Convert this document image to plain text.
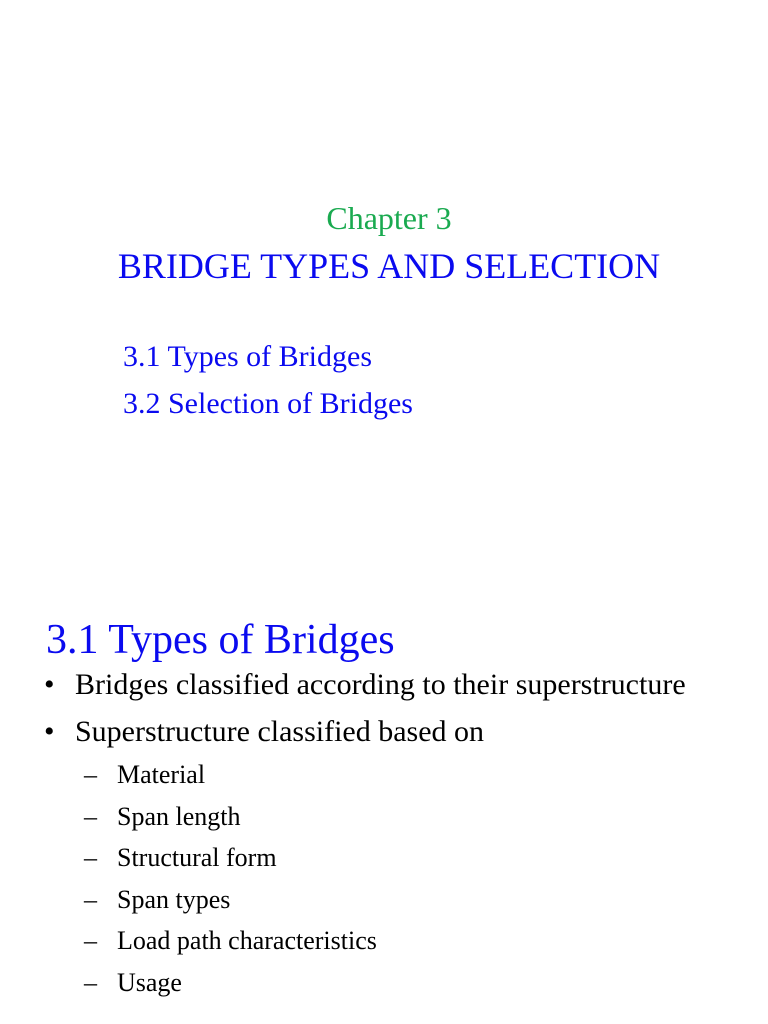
Chapter 3
BRIDGE TYPES AND SELECTION
3.1 Types of Bridges
3.2 Selection of Bridges
3.1 Types of Bridges
• Bridges classified according to their superstructure
• Superstructure classified based on
– Material
– Span length
– Structural form
– Span types
– Load path characteristics
– Usage
